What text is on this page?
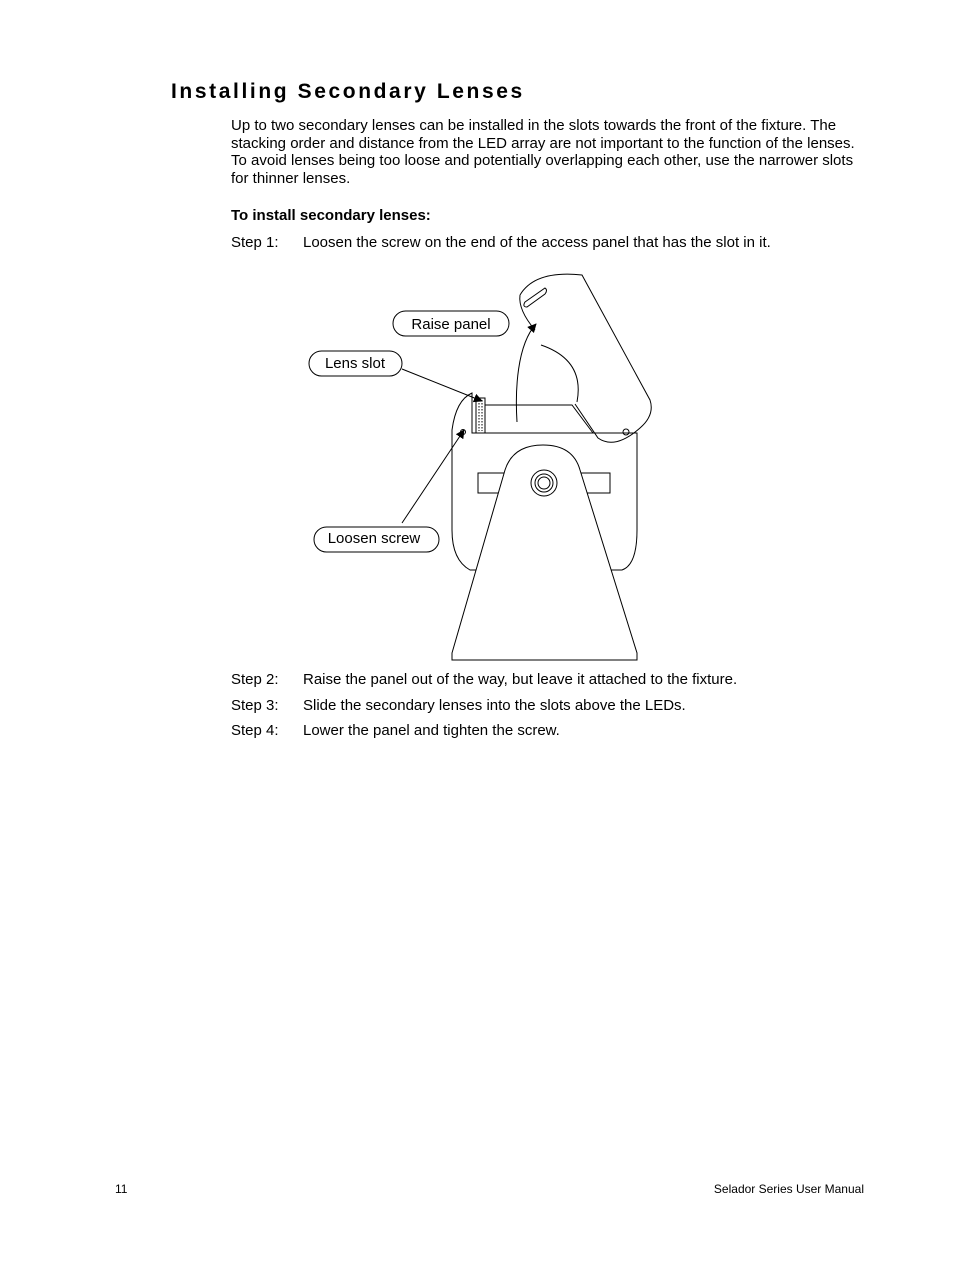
Installing Secondary Lenses

Up to two secondary lenses can be installed in the slots towards the front of the fixture. The stacking order and distance from the LED array are not important to the function of the lenses. To avoid lenses being too loose and potentially overlapping each other, use the narrower slots for thinner lenses.

To install secondary lenses:

Step 1: Loosen the screw on the end of the access panel that has the slot in it.
Raise panel
Lens slot
Loosen screw
Step 2: Raise the panel out of the way, but leave it attached to the fixture.
Step 3: Slide the secondary lenses into the slots above the LEDs.
Step 4: Lower the panel and tighten the screw.
11	Selador Series User Manual
